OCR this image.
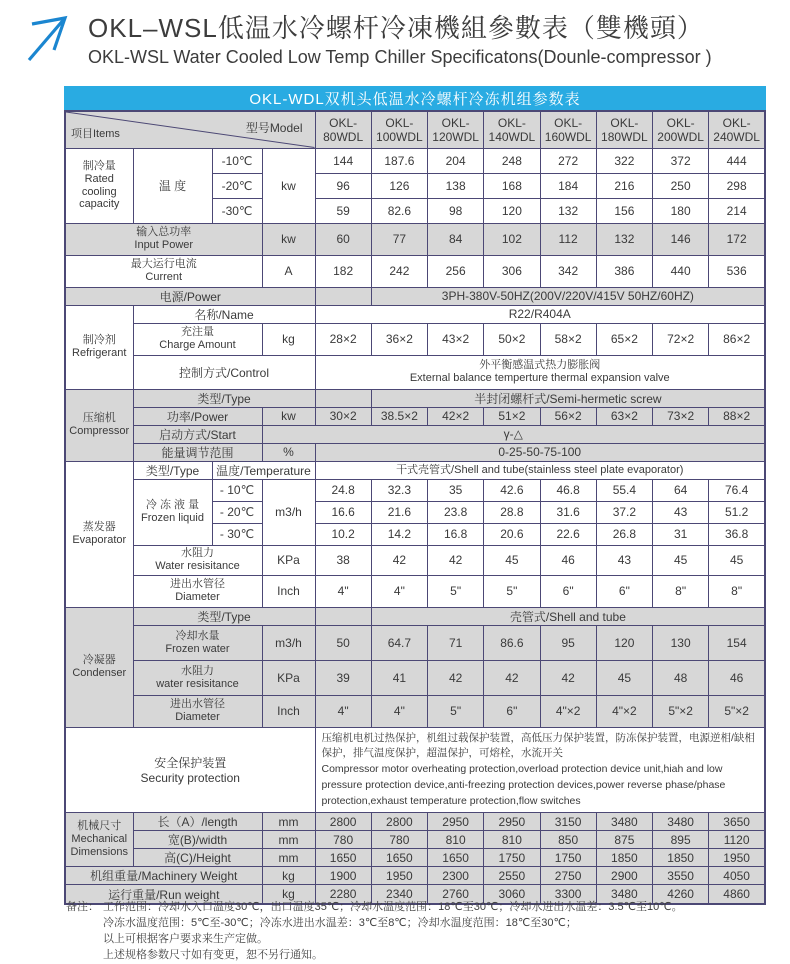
OKL–WSL低温水冷螺杆冷凍機組參數表（雙機頭）
OKL-WSL Water Cooled Low Temp Chiller Specificatons(Dounle-compressor )
OKL-WDL双机头低温水冷螺杆冷冻机组参数表
项目Items 型号Model				OKL-80WDL	OKL-100WDL	OKL-120WDL	OKL-140WDL	OKL-160WDL	OKL-180WDL	OKL-200WDL	OKL-240WDL

制冷量
Rated cooling capacity	温 度	-10℃	kw	144	187.6	204	248	272	322	372	444
		-20℃		96	126	138	168	184	216	250	298
		-30℃		59	82.6	98	120	132	156	180	214

输入总功率
Input Power			kw	60	77	84	102	112	132	146	172

最大运行电流
Current			A	182	242	256	306	342	386	440	536
电源/Power					3PH-380V-50HZ(200V/220V/415V 50HZ/60HZ)						

制冷剂
Refrigerant	名称/Name			R22/R404A							

	充注量
Charge Amount		kg	28×2	36×2	43×2	50×2	58×2	65×2	72×2	86×2
	控制方式/Control			外平衡感温式热力膨胀阀
External balance temperture thermal expansion valve							

压缩机
Compressor	类型/Type				半封闭螺杆式/Semi-hermetic screw						
	功率/Power		kw	30×2	38.5×2	42×2	51×2	56×2	63×2	73×2	88×2
	启动方式/Start		γ-△								
	能量调节范围		%	0-25-50-75-100							

蒸发器
Evaporator	类型/Type	温度/Temperature		干式壳管式/Shell and tube(stainless steel plate evaporator)							

	冷 冻 液 量
Frozen liquid	- 10℃	m3/h	24.8	32.3	35	42.6	46.8	55.4	64	76.4
		- 20℃		16.6	21.6	23.8	28.8	31.6	37.2	43	51.2
		- 30℃		10.2	14.2	16.8	20.6	22.6	26.8	31	36.8

	水阻力
Water resisitance		KPa	38	42	42	45	46	43	45	45

	进出水管径
Diameter		Inch	4"	4"	5"	5"	6"	6"	8"	8"

冷凝器
Condenser	类型/Type				壳管式/Shell and tube						

	冷却水量
Frozen water		m3/h	50	64.7	71	86.6	95	120	130	154

	水阻力
water resisitance		KPa	39	41	42	42	42	45	48	46

	进出水管径
Diameter		Inch	4"	4"	5"	6"	4"×2	4"×2	5"×2	5"×2

安全保护装置
Security protection

压缩机电机过热保护，机组过载保护装置，高低压力保护装置，防冻保护装置，电源逆相/缺相保护，排气温度保护，超温保护，可熔栓，水流开关
Compressor motor overheating protection,overload protection device unit,hiah and low pressure protection device,anti-freezing protection devices,power reverse phase/phase protection,exhaust temperature protection,flow switches

机械尺寸
Mechanical Dimensions	长（A）/length		mm	2800	2800	2950	2950	3150	3480	3480	3650
	宽(B)/width		mm	780	780	810	810	850	875	895	1120
	高(C)/Height		mm	1650	1650	1650	1750	1750	1850	1850	1950
机组重量/Machinery Weight			kg	1900	1950	2300	2550	2750	2900	3550	4050
运行重量/Run weight			kg	2280	2340	2760	3060	3300	3480	4260	4860
备注： 工作范围：冷却水入口温度30℃，出口温度35℃；冷却水温度范围：18℃至30℃；冷却水进出水温差：3.5℃至10℃。
冷冻水温度范围：5℃至-30℃；冷冻水进出水温差：3℃至8℃；冷却水温度范围：18℃至30℃；
以上可根据客户要求来生产定做。
上述规格参数尺寸如有变更，恕不另行通知。
